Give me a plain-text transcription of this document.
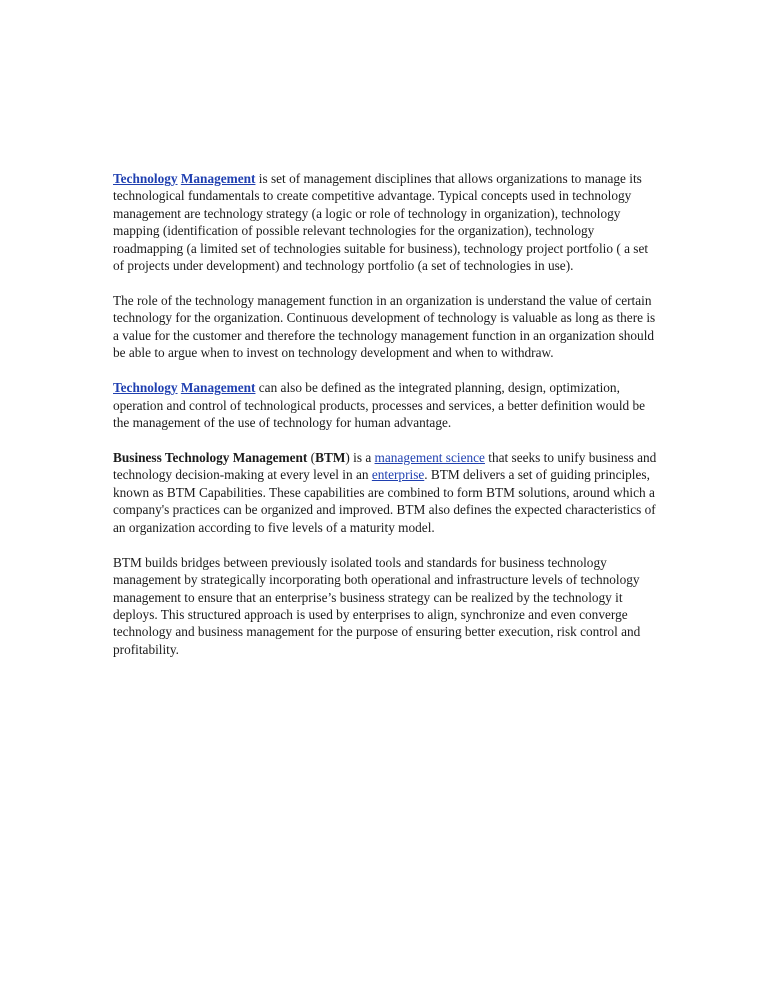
Technology Management is set of management disciplines that allows organizations to manage its technological fundamentals to create competitive advantage. Typical concepts used in technology management are technology strategy (a logic or role of technology in organization), technology mapping (identification of possible relevant technologies for the organization), technology roadmapping (a limited set of technologies suitable for business), technology project portfolio ( a set of projects under development) and technology portfolio (a set of technologies in use).

The role of the technology management function in an organization is understand the value of certain technology for the organization. Continuous development of technology is valuable as long as there is a value for the customer and therefore the technology management function in an organization should be able to argue when to invest on technology development and when to withdraw.

Technology Management can also be defined as the integrated planning, design, optimization, operation and control of technological products, processes and services, a better definition would be the management of the use of technology for human advantage.

Business Technology Management (BTM) is a management science that seeks to unify business and technology decision-making at every level in an enterprise. BTM delivers a set of guiding principles, known as BTM Capabilities. These capabilities are combined to form BTM solutions, around which a company's practices can be organized and improved. BTM also defines the expected characteristics of an organization according to five levels of a maturity model.

BTM builds bridges between previously isolated tools and standards for business technology management by strategically incorporating both operational and infrastructure levels of technology management to ensure that an enterprise’s business strategy can be realized by the technology it deploys. This structured approach is used by enterprises to align, synchronize and even converge technology and business management for the purpose of ensuring better execution, risk control and profitability.
